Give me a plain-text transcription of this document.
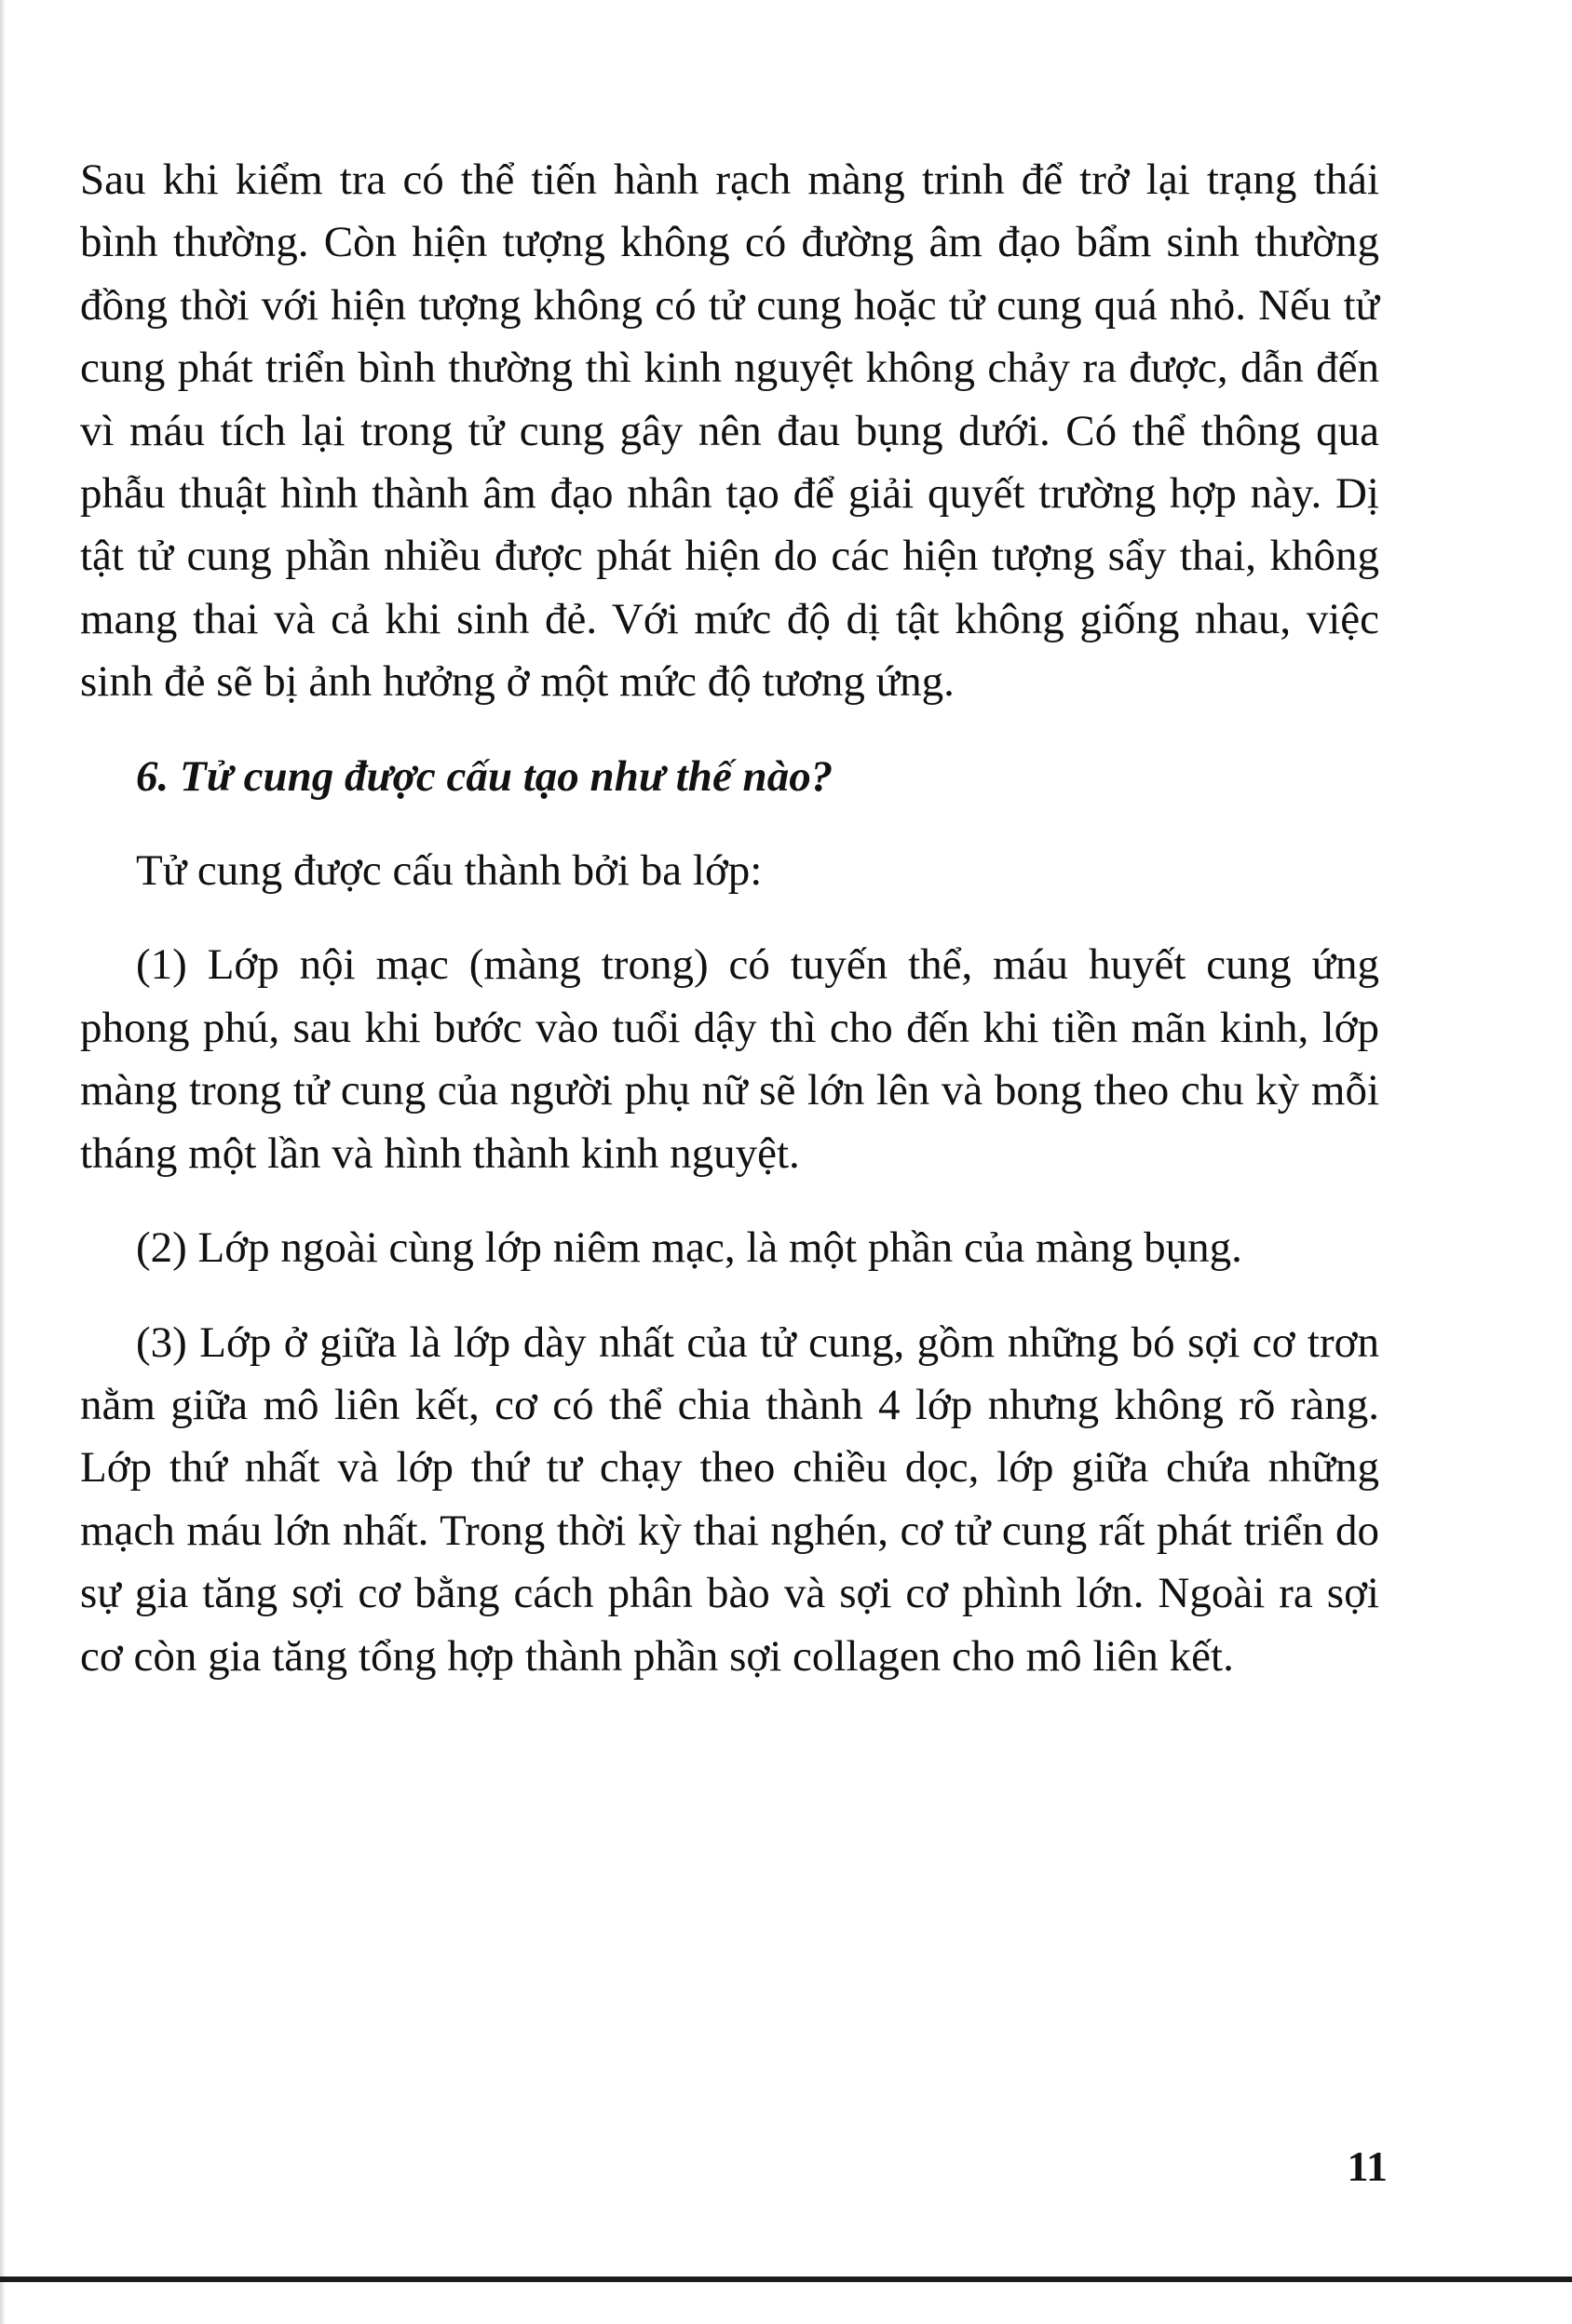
Sau khi kiểm tra có thể tiến hành rạch màng trinh để trở lại trạng thái bình thường. Còn hiện tượng không có đường âm đạo bẩm sinh thường đồng thời với hiện tượng không có tử cung hoặc tử cung quá nhỏ. Nếu tử cung phát triển bình thường thì kinh nguyệt không chảy ra được, dẫn đến vì máu tích lại trong tử cung gây nên đau bụng dưới. Có thể thông qua phẫu thuật hình thành âm đạo nhân tạo để giải quyết trường hợp này. Dị tật tử cung phần nhiều được phát hiện do các hiện tượng sẩy thai, không mang thai và cả khi sinh đẻ. Với mức độ dị tật không giống nhau, việc sinh đẻ sẽ bị ảnh hưởng ở một mức độ tương ứng.

6. Tử cung được cấu tạo như thế nào?

Tử cung được cấu thành bởi ba lớp:

(1) Lớp nội mạc (màng trong) có tuyến thể, máu huyết cung ứng phong phú, sau khi bước vào tuổi dậy thì cho đến khi tiền mãn kinh, lớp màng trong tử cung của người phụ nữ sẽ lớn lên và bong theo chu kỳ mỗi tháng một lần và hình thành kinh nguyệt.

(2) Lớp ngoài cùng lớp niêm mạc, là một phần của màng bụng.

(3) Lớp ở giữa là lớp dày nhất của tử cung, gồm những bó sợi cơ trơn nằm giữa mô liên kết, cơ có thể chia thành 4 lớp nhưng không rõ ràng. Lớp thứ nhất và lớp thứ tư chạy theo chiều dọc, lớp giữa chứa những mạch máu lớn nhất. Trong thời kỳ thai nghén, cơ tử cung rất phát triển do sự gia tăng sợi cơ bằng cách phân bào và sợi cơ phình lớn. Ngoài ra sợi cơ còn gia tăng tổng hợp thành phần sợi collagen cho mô liên kết.

11
